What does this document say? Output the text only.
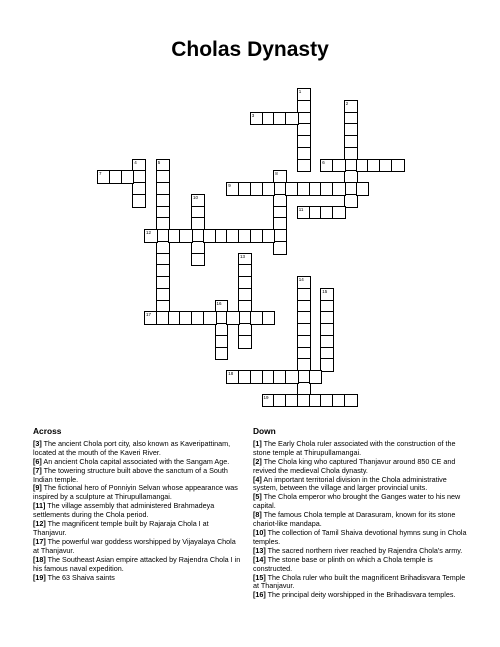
Cholas Dynasty
1
2
3
4	5	6
7	8
9
10
11
12
13
14
15
16
17
18
19
Across
[3] The ancient Chola port city, also known as Kaveripattinam, located at the mouth of the Kaveri River.
[6] An ancient Chola capital associated with the Sangam Age.
[7] The towering structure built above the sanctum of a South Indian temple.
[9] The fictional hero of Ponniyin Selvan whose appearance was inspired by a sculpture at Thirupullamangai.
[11] The village assembly that administered Brahmadeya settlements during the Chola period.
[12] The magnificent temple built by Rajaraja Chola I at Thanjavur.
[17] The powerful war goddess worshipped by Vijayalaya Chola at Thanjavur.
[18] The Southeast Asian empire attacked by Rajendra Chola I in his famous naval expedition.
[19] The 63 Shaiva saints
Down
[1] The Early Chola ruler associated with the construction of the stone temple at Thirupullamangai.
[2] The Chola king who captured Thanjavur around 850 CE and revived the medieval Chola dynasty.
[4] An important territorial division in the Chola administrative system, between the village and larger provincial units.
[5] The Chola emperor who brought the Ganges water to his new capital.
[8] The famous Chola temple at Darasuram, known for its stone chariot-like mandapa.
[10] The collection of Tamil Shaiva devotional hymns sung in Chola temples.
[13] The sacred northern river reached by Rajendra Chola's army.
[14] The stone base or plinth on which a Chola temple is constructed.
[15] The Chola ruler who built the magnificent Brihadisvara Temple at Thanjavur.
[16] The principal deity worshipped in the Brihadisvara temples.
